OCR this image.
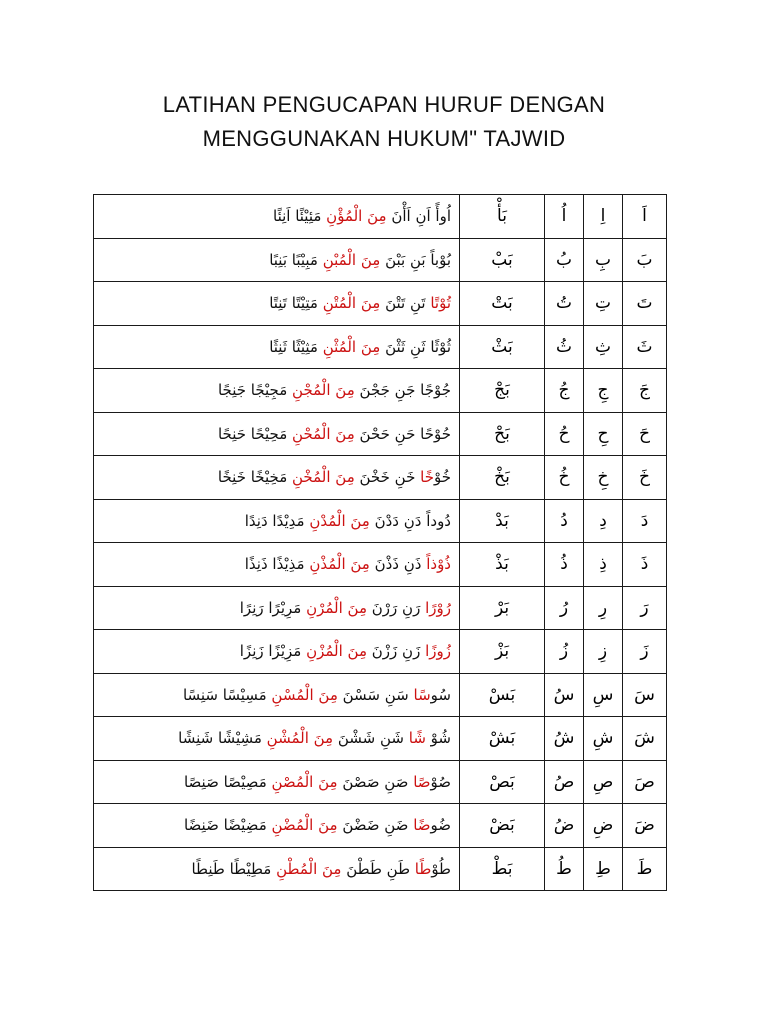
LATIHAN PENGUCAPAN HURUF DENGAN
MENGGUNAKAN HUKUM" TAJWID
اَ	اِ	اُ	بَأْ	اُوأً اَنِ اَأْنَ مِنَ الْمُؤْنِ مَئِيْئًا اَنِئًا
بَ	بِ	بُ	بَبْ	بُوْباً بَنِ بَبْنَ مِنَ الْمُبْنِ مَبِيْبًا بَنِبًا
تَ	تِ	تُ	بَتْ	تُوْتًا تَنِ تَتْنَ مِنَ الْمُتْنِ مَتِيْتًا تَنِتًا
ثَ	ثِ	ثُ	بَثْ	ثُوْثًا ثَنِ ثَثْنَ مِنَ الْمُثْنِ مَثِيْثًا ثَنِثًا
جَ	جِ	جُ	بَجْ	جُوْجًا جَنِ جَجْنَ مِنَ الْمُجْنِ مَجِيْجًا جَنِجًا
حَ	حِ	حُ	بَحْ	حُوْحًا حَنِ حَحْنَ مِنَ الْمُحْنِ مَحِيْحًا حَنِحًا
خَ	خِ	خُ	بَخْ	خُوْخًا خَنِ خَخْنَ مِنَ الْمُخْنِ مَخِيْخًا خَنِخًا
دَ	دِ	دُ	بَدْ	دُوداً دَنِ دَدْنَ مِنَ الْمُدْنِ مَدِيْدًا دَنِدًا
ذَ	ذِ	ذُ	بَذْ	ذُوْذاً ذَنِ ذَذْنَ مِنَ الْمُذْنِ مَذِيْذًا ذَنِذًا
رَ	رِ	رُ	بَرْ	رُوْرًا رَنِ رَرْنَ مِنَ الْمُرْنِ مَرِيْرًا رَنِرًا
زَ	زِ	زُ	بَزْ	زُوزًا زَنِ زَزْنَ مِنَ الْمُزْنِ مَزِيْزًا زَنِزًا
سَ	سِ	سُ	بَسْ	سُوسًا سَنِ سَسْنَ مِنَ الْمُسْنِ مَسِيْسًا سَنِسًا
شَ	شِ	شُ	بَشْ	شُوْ شًا شَنِ شَشْنَ مِنَ الْمُشْنِ مَشِيْشًا شَنِشًا
صَ	صِ	صُ	بَصْ	صُوْصًا صَنِ صَصْنَ مِنَ الْمُصْنِ مَصِيْصًا صَنِصًا
ضَ	ضِ	ضُ	بَضْ	ضُوضًا ضَنِ ضَضْنَ مِنَ الْمُضْنِ مَضِيْضًا ضَنِضًا
طَ	طِ	طُ	بَطْ	طُوْطًا طَنِ طَطْنَ مِنَ الْمُطْنِ مَطِيْطًا طَنِطًا
